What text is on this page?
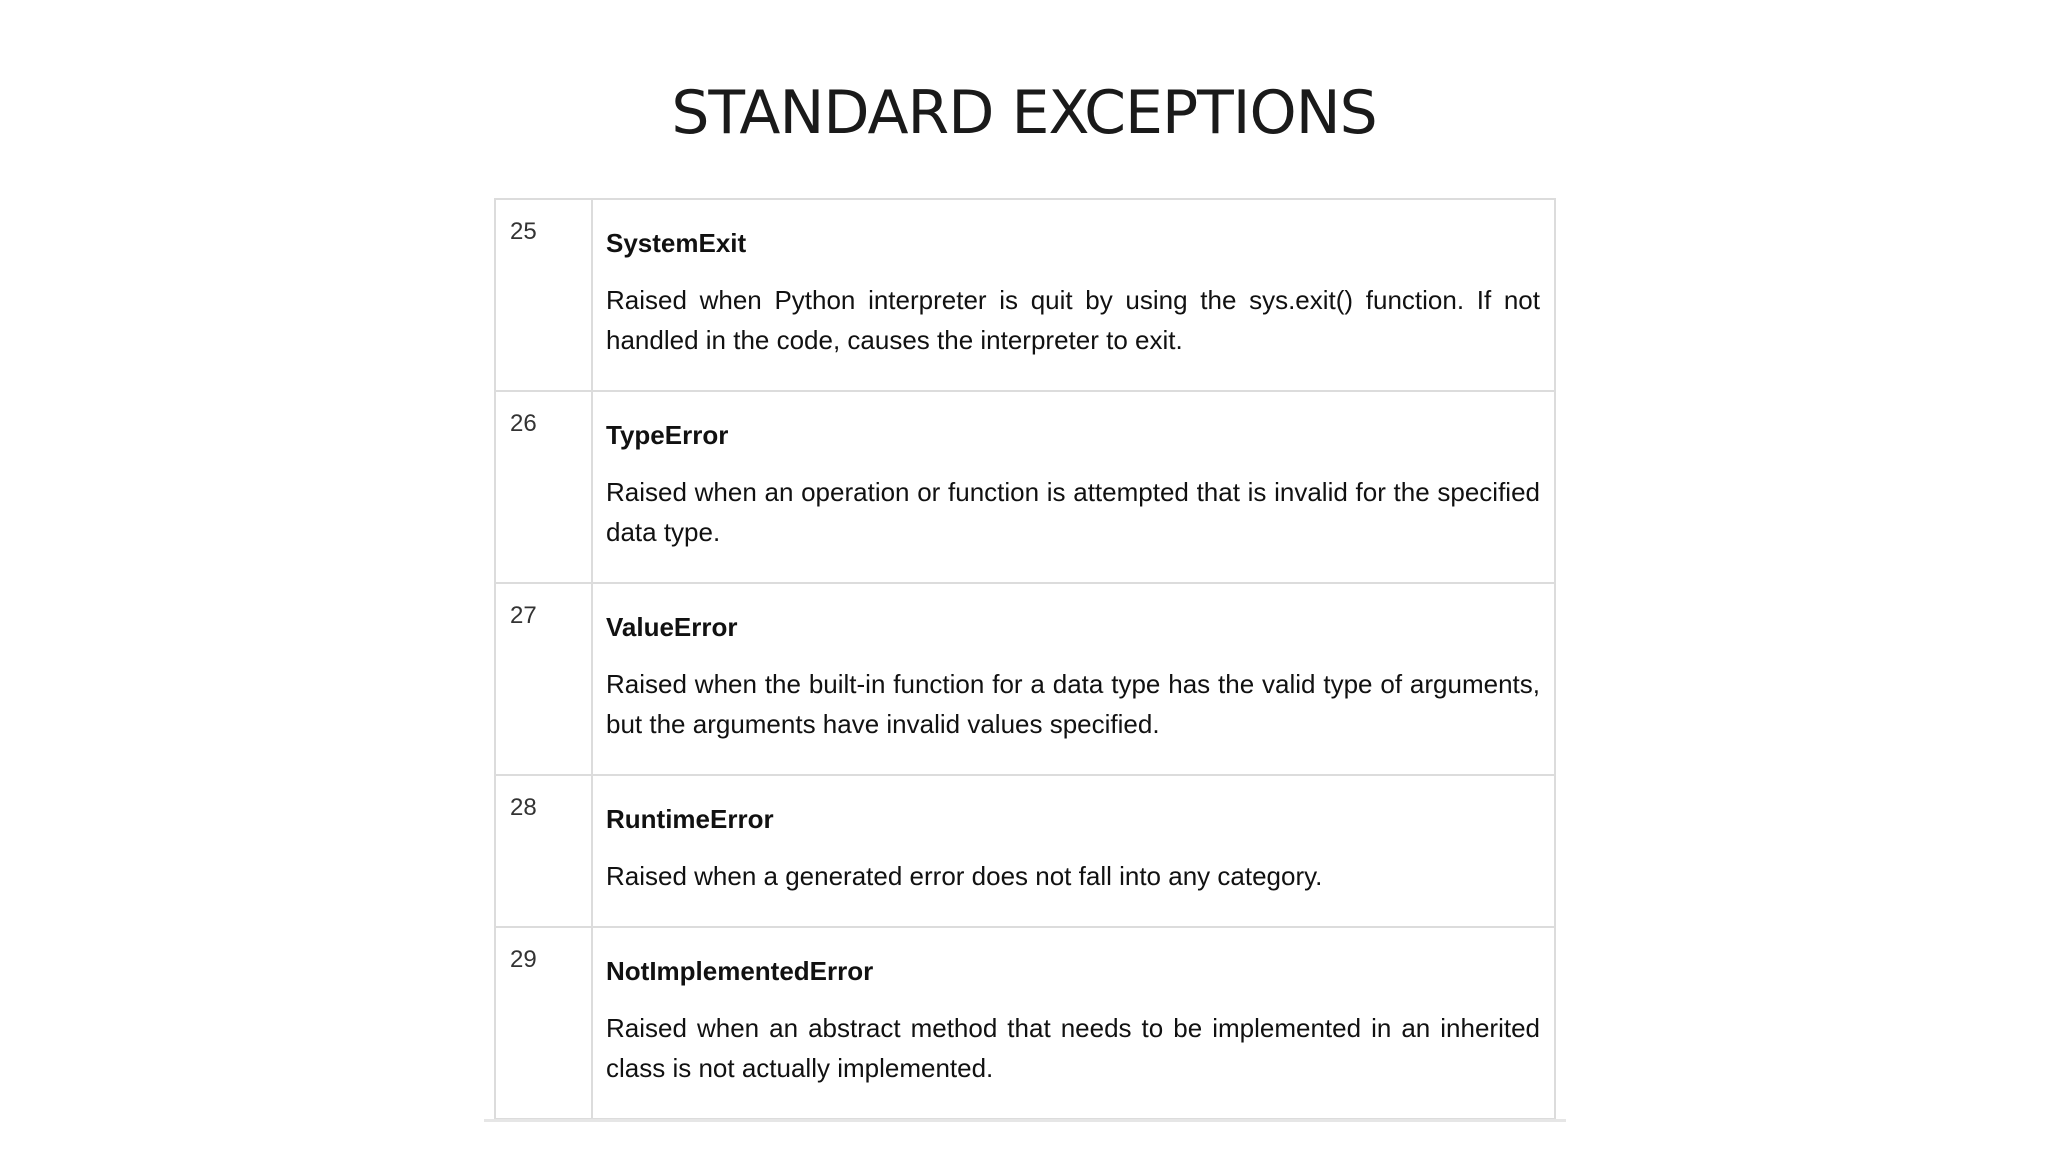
STANDARD EXCEPTIONS
25	SystemExit

Raised when Python interpreter is quit by using the sys.exit() function. If not handled in the code, causes the interpreter to exit.

26	TypeError

Raised when an operation or function is attempted that is invalid for the specified data type.

27	ValueError

Raised when the built-in function for a data type has the valid type of arguments, but the arguments have invalid values specified.

28	RuntimeError

Raised when a generated error does not fall into any category.

29	NotImplementedError

Raised when an abstract method that needs to be implemented in an inherited class is not actually implemented.
